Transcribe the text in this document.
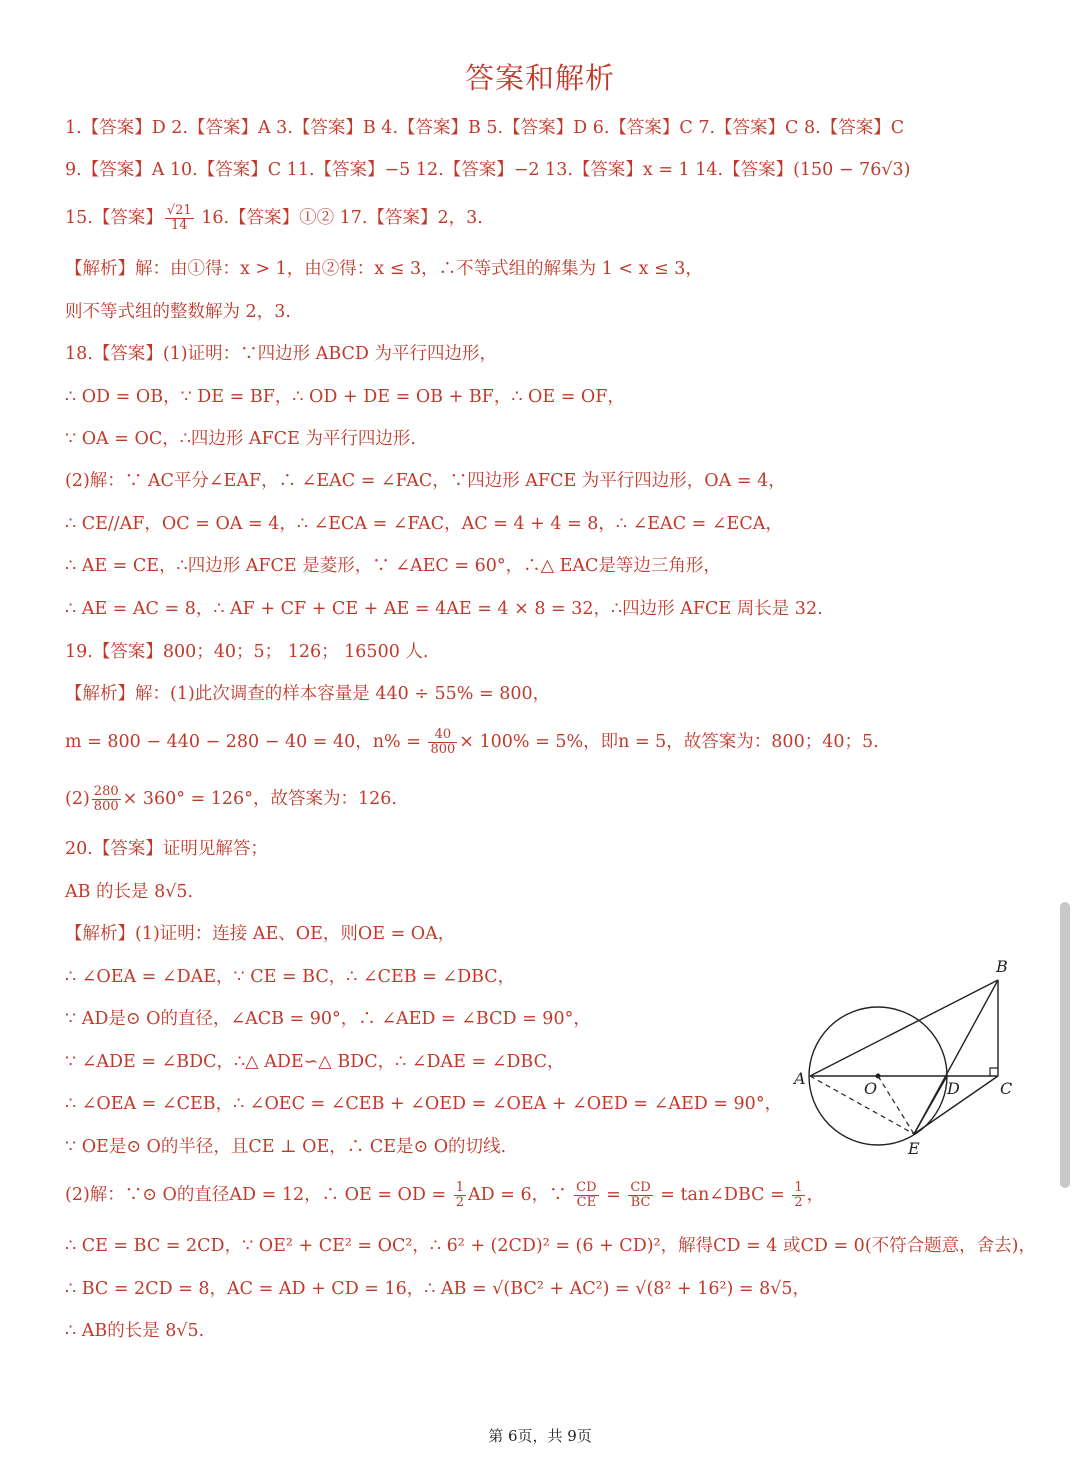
答案和解析
1.【答案】D 2.【答案】A 3.【答案】B 4.【答案】B 5.【答案】D 6.【答案】C 7.【答案】C 8.【答案】C
9.【答案】A 10.【答案】C 11.【答案】−5 12.【答案】−2 13.【答案】x = 1 14.【答案】(150 − 76√3)
15.【答案】 $\frac{√21}{14} 16$.【答案】①② 17.【答案】2，3.
【解析】解：由①得：x > 1，由②得：x ≤ 3，∴不等式组的解集为 1 < x ≤ 3，
则不等式组的整数解为 2，3.
18.【答案】(1)证明：∵四边形 ABCD 为平行四边形，
∴ OD = OB，∵ DE = BF，∴ OD + DE = OB + BF，∴ OE = OF，
∵ OA = OC，∴四边形 AFCE 为平行四边形.
(2)解：∵ AC平分∠EAF，∴ ∠EAC = ∠FAC，∵四边形 AFCE 为平行四边形，OA = 4，
∴ CE//AF，OC = OA = 4，∴ ∠ECA = ∠FAC，AC = 4 + 4 = 8，∴ ∠EAC = ∠ECA，
∴ AE = CE，∴四边形 AFCE 是菱形，∵ ∠AEC = 60°，∴△ EAC是等边三角形，
∴ AE = AC = 8，∴ AF + CF + CE + AE = 4AE = 4 × 8 = 32，∴四边形 AFCE 周长是 32.
19.【答案】800；40；5； 126； 16500 人.
【解析】解：(1)此次调查的样本容量是 440 ÷ 55% = 800，
m = 800 − 440 − 280 − 40 = 40，$n\% = \frac{40}{800} \times 100\% = 5\%$，即n = 5，故答案为：800；40；5.
$(2) \frac{280}{800} \times 360^\circ = 126^\circ$，故答案为：126.
20.【答案】证明见解答；
AB 的长是 8√5.
【解析】(1)证明：连接 AE、OE，则OE = OA，
∴ ∠OEA = ∠DAE，∵ CE = BC，∴ ∠CEB = ∠DBC，
∵ AD是⊙ O的直径，∠ACB = 90°，∴ ∠AED = ∠BCD = 90°，
∵ ∠ADE = ∠BDC，∴△ ADE∽△ BDC，∴ ∠DAE = ∠DBC，
∴ ∠OEA = ∠CEB，∴ ∠OEC = ∠CEB + ∠OED = ∠OEA + ∠OED = ∠AED = 90°，
∵ OE是⊙ O的半径，且CE ⊥ OE，∴ CE是⊙ O的切线.
(2)解：∵⊙ O的直径AD = 12，∴ OE = OD = $\frac{1}{2}$ AD = 6，∵ $\frac{CD}{CE} = \frac{CD}{BC}$ = tan∠DBC = $\frac{1}{2}$ ，
∴ CE = BC = 2CD，∵ OE² + CE² = OC²，∴ 6² + (2CD)² = (6 + CD)²，解得CD = 4 或CD = 0(不符合题意，舍去)，
∴ BC = 2CD = 8，AC = AD + CD = 16，∴ AB = √(BC² + AC²) = √(8² + 16²) = 8√5，
∴ AB的长是 8√5.
A
O	D	C
B
E
第 6页，共 9页
